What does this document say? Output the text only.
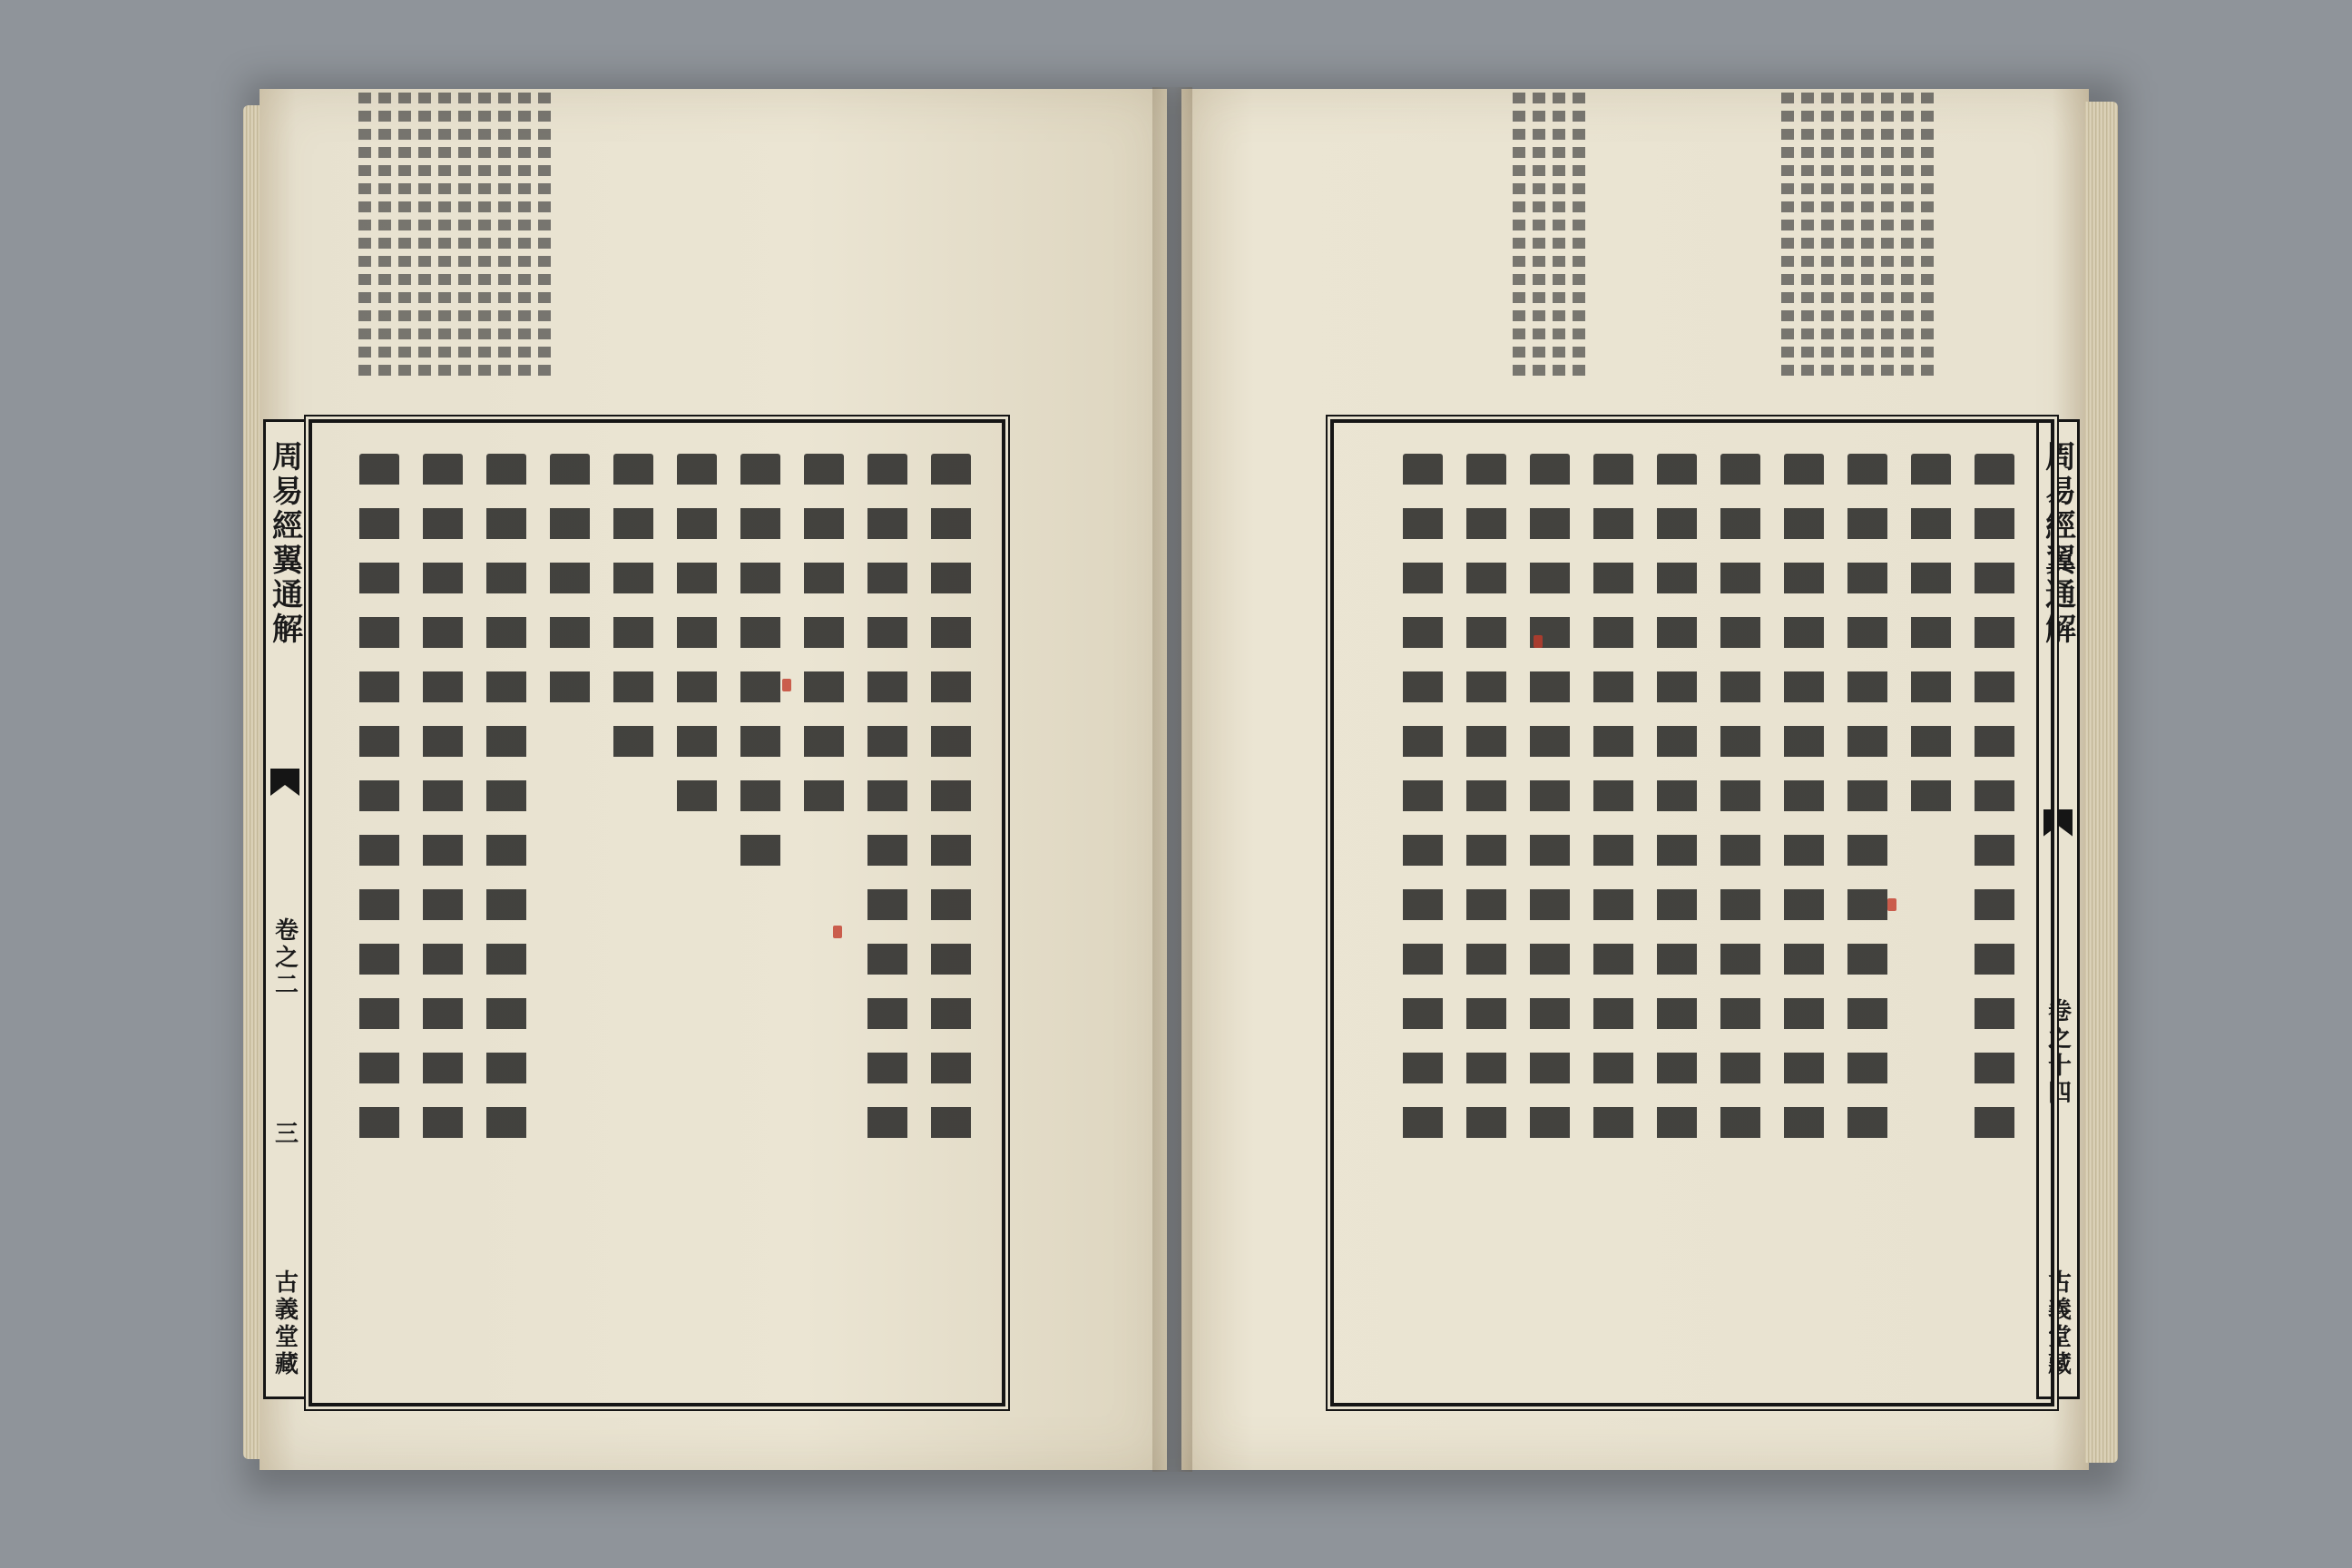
周易經翼通解
卷之二
三
古義堂藏
周易經翼通解
卷之十四
古義堂藏
